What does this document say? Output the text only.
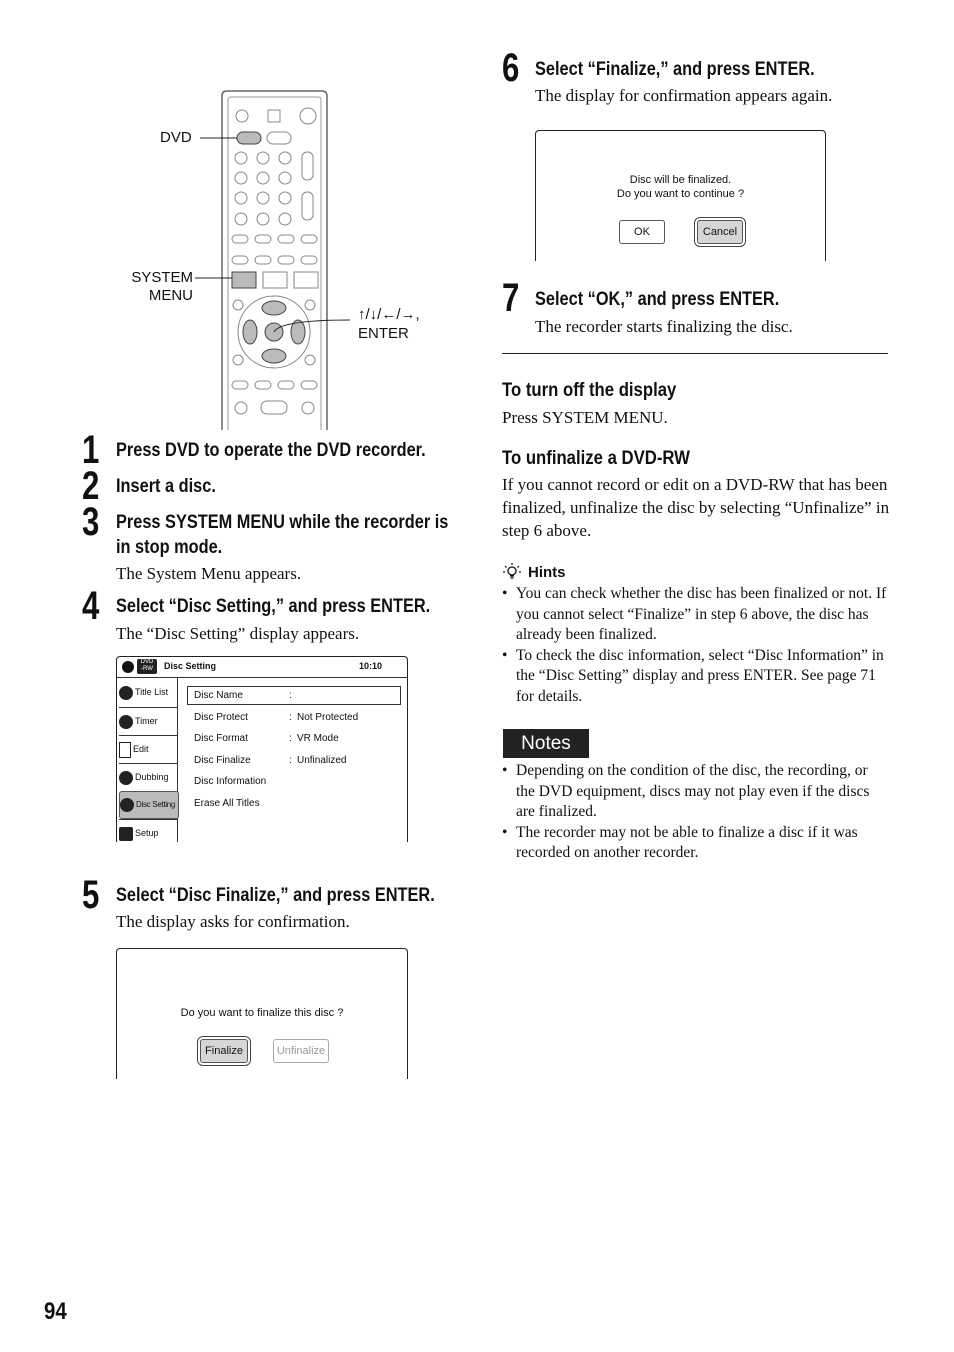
DVD
SYSTEM
MENU
↑/↓/←/→,
ENTER
1 Press DVD to operate the DVD recorder.
2 Insert a disc.
3 Press SYSTEM MENU while the recorder is
in stop mode.
The System Menu appears.
4 Select “Disc Setting,” and press ENTER.
The “Disc Setting” display appears.
DVD
-RW	Disc Setting	10:10
Title List
Timer
Edit
Dubbing
Disc Setting
Setup
Disc Name	:
Disc Protect	: Not Protected
Disc Format	: VR Mode
Disc Finalize	: Unfinalized
Disc Information
Erase All Titles
5 Select “Disc Finalize,” and press ENTER.
The display asks for confirmation.
Do you want to finalize this disc ?
Finalize	Unfinalize
6 Select “Finalize,” and press ENTER.
The display for confirmation appears again.
Disc will be finalized.
Do you want to continue ?
OK	Cancel
7 Select “OK,” and press ENTER.
The recorder starts finalizing the disc.
To turn off the display
Press SYSTEM MENU.
To unfinalize a DVD-RW
If you cannot record or edit on a DVD-RW that has been finalized, unfinalize the disc by selecting “Unfinalize” in step 6 above.
Hints
• You can check whether the disc has been finalized or not. If you cannot select “Finalize” in step 6 above, the disc has already been finalized.
• To check the disc information, select “Disc Information” in the “Disc Setting” display and press ENTER. See page 71 for details.
Notes
• Depending on the condition of the disc, the recording, or the DVD equipment, discs may not play even if the discs are finalized.
• The recorder may not be able to finalize a disc if it was recorded on another recorder.
94
